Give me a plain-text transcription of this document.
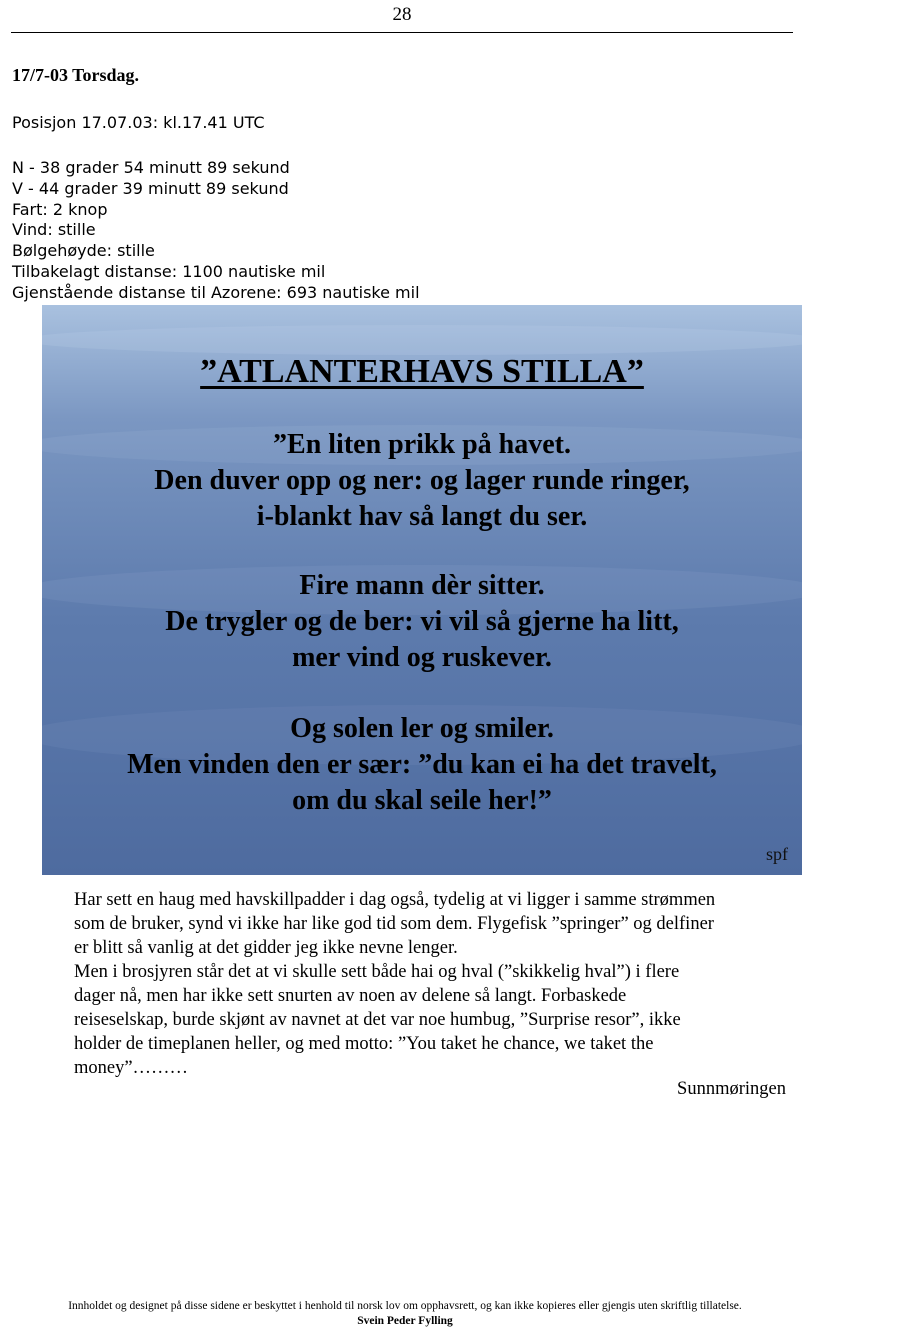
28
17/7-03 Torsdag.
Posisjon 17.07.03: kl.17.41 UTC
N - 38 grader 54 minutt 89 sekund
V - 44 grader 39 minutt 89 sekund
Fart: 2 knop
Vind: stille
Bølgehøyde: stille
Tilbakelagt distanse: 1100 nautiske mil
Gjenstående distanse til Azorene: 693 nautiske mil
”ATLANTERHAVS STILLA”
”En liten prikk på havet.
Den duver opp og ner: og lager runde ringer,
i-blankt hav så langt du ser.
Fire mann dèr sitter.
De trygler og de ber: vi vil så gjerne ha litt,
mer vind og ruskever.
Og solen ler og smiler.
Men vinden den er sær: ”du kan ei ha det travelt,
om du skal seile her!”
spf

Har sett en haug med havskillpadder i dag også, tydelig at vi ligger i samme strømmen

som de bruker, synd vi ikke har like god tid som dem. Flygefisk ”springer” og delfiner

er blitt så vanlig at det gidder jeg ikke nevne lenger.

Men i brosjyren står det at vi skulle sett både hai og hval (”skikkelig hval”) i flere

dager nå, men har ikke sett snurten av noen av delene så langt. Forbaskede

reiseselskap, burde skjønt av navnet at det var noe humbug, ”Surprise resor”, ikke

holder de timeplanen heller, og med motto: ”You taket he chance, we taket the

money”………

Sunnmøringen
Innholdet og designet på disse sidene er beskyttet i henhold til norsk lov om opphavsrett, og kan ikke kopieres eller gjengis uten skriftlig tillatelse.
Svein Peder Fylling
